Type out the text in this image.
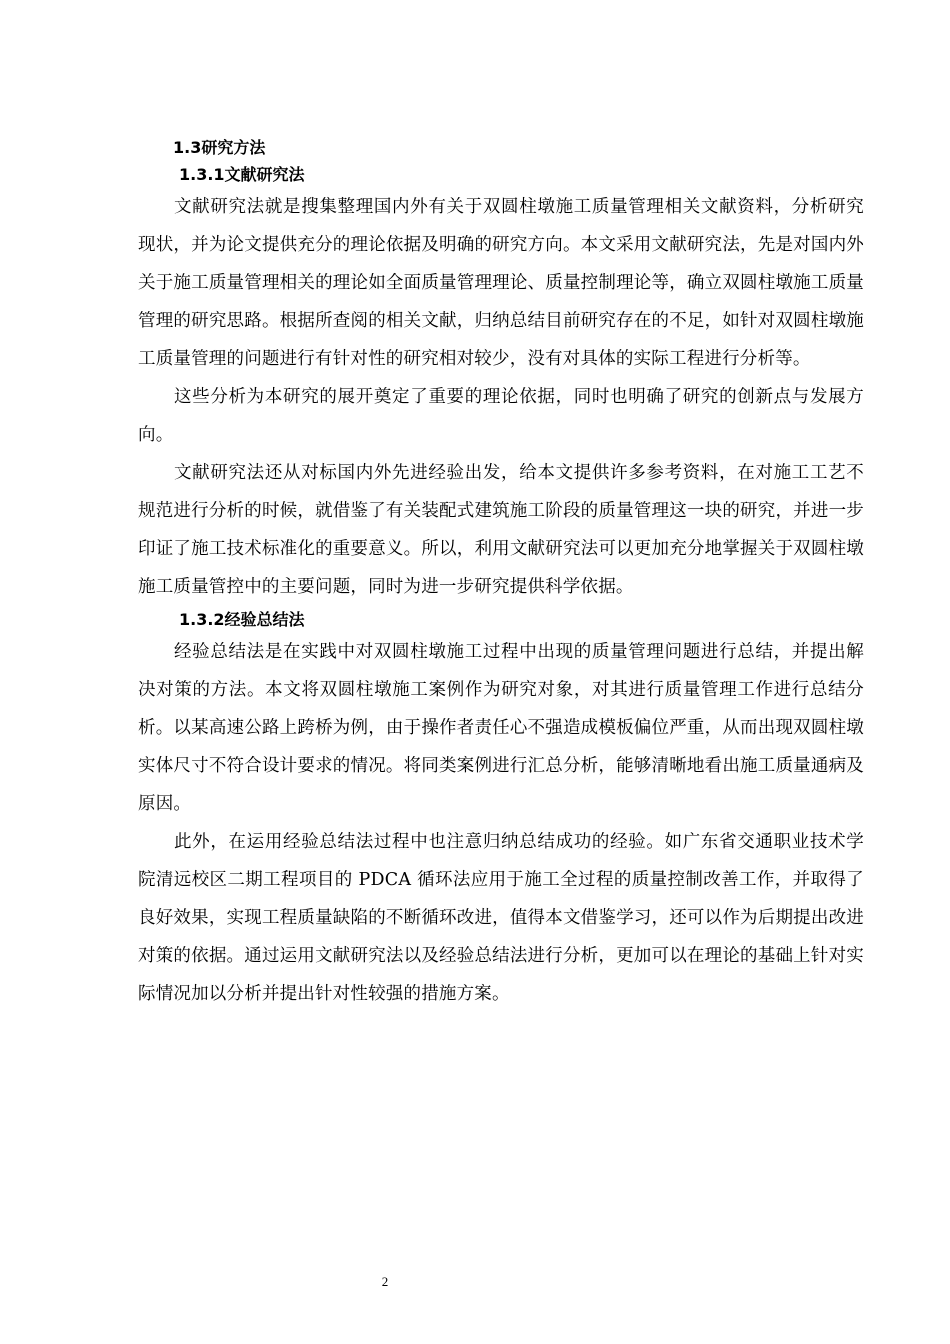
1.3研究方法
1.3.1文献研究法

文献研究法就是搜集整理国内外有关于双圆柱墩施工质量管理相关文献资料，分析研究现状，并为论文提供充分的理论依据及明确的研究方向。本文采用文献研究法，先是对国内外关于施工质量管理相关的理论如全面质量管理理论、质量控制理论等，确立双圆柱墩施工质量管理的研究思路。根据所查阅的相关文献，归纳总结目前研究存在的不足，如针对双圆柱墩施工质量管理的问题进行有针对性的研究相对较少，没有对具体的实际工程进行分析等。

这些分析为本研究的展开奠定了重要的理论依据，同时也明确了研究的创新点与发展方向。

文献研究法还从对标国内外先进经验出发，给本文提供许多参考资料，在对施工工艺不规范进行分析的时候，就借鉴了有关装配式建筑施工阶段的质量管理这一块的研究，并进一步印证了施工技术标准化的重要意义。所以，利用文献研究法可以更加充分地掌握关于双圆柱墩施工质量管控中的主要问题，同时为进一步研究提供科学依据。

1.3.2经验总结法

经验总结法是在实践中对双圆柱墩施工过程中出现的质量管理问题进行总结，并提出解决对策的方法。本文将双圆柱墩施工案例作为研究对象，对其进行质量管理工作进行总结分析。以某高速公路上跨桥为例，由于操作者责任心不强造成模板偏位严重，从而出现双圆柱墩实体尺寸不符合设计要求的情况。将同类案例进行汇总分析，能够清晰地看出施工质量通病及原因。

此外，在运用经验总结法过程中也注意归纳总结成功的经验。如广东省交通职业技术学院清远校区二期工程项目的 PDCA 循环法应用于施工全过程的质量控制改善工作，并取得了良好效果，实现工程质量缺陷的不断循环改进，值得本文借鉴学习，还可以作为后期提出改进对策的依据。通过运用文献研究法以及经验总结法进行分析，更加可以在理论的基础上针对实际情况加以分析并提出针对性较强的措施方案。

2
